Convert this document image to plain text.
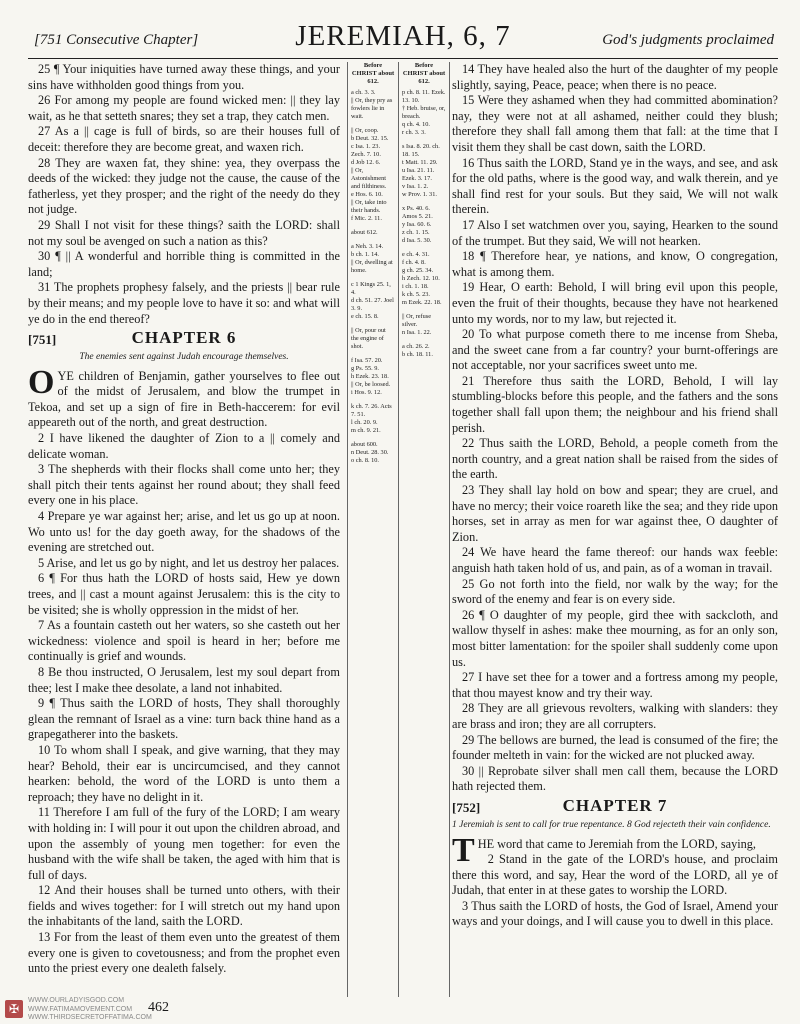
[751 Consecutive Chapter]	JEREMIAH, 6, 7	God's judgments proclaimed

25 ¶ Your iniquities have turned away these things, and your sins have withholden good things from you.

26 For among my people are found wicked men: || they lay wait, as he that setteth snares; they set a trap, they catch men.

27 As a || cage is full of birds, so are their houses full of deceit: therefore they are become great, and waxen rich.

28 They are waxen fat, they shine: yea, they overpass the deeds of the wicked: they judge not the cause, the cause of the fatherless, yet they prosper; and the right of the needy do they not judge.

29 Shall I not visit for these things? saith the LORD: shall not my soul be avenged on such a nation as this?

30 ¶ || A wonderful and horrible thing is committed in the land;

31 The prophets prophesy falsely, and the priests || bear rule by their means; and my people love to have it so: and what will ye do in the end thereof?

[751]	CHAPTER 6
The enemies sent against Judah encourage themselves.

OYE children of Benjamin, gather yourselves to flee out of the midst of Jerusalem, and blow the trumpet in Tekoa, and set up a sign of fire in Beth-haccerem: for evil appeareth out of the north, and great destruction.

2 I have likened the daughter of Zion to a || comely and delicate woman.

3 The shepherds with their flocks shall come unto her; they shall pitch their tents against her round about; they shall feed every one in his place.

4 Prepare ye war against her; arise, and let us go up at noon. Wo unto us! for the day goeth away, for the shadows of the evening are stretched out.

5 Arise, and let us go by night, and let us destroy her palaces.

6 ¶ For thus hath the LORD of hosts said, Hew ye down trees, and || cast a mount against Jerusalem: this is the city to be visited; she is wholly oppression in the midst of her.

7 As a fountain casteth out her waters, so she casteth out her wickedness: violence and spoil is heard in her; before me continually is grief and wounds.

8 Be thou instructed, O Jerusalem, lest my soul depart from thee; lest I make thee desolate, a land not inhabited.

9 ¶ Thus saith the LORD of hosts, They shall thoroughly glean the remnant of Israel as a vine: turn back thine hand as a grapegatherer into the baskets.

10 To whom shall I speak, and give warning, that they may hear? Behold, their ear is uncircumcised, and they cannot hearken: behold, the word of the LORD is unto them a reproach; they have no delight in it.

11 Therefore I am full of the fury of the LORD; I am weary with holding in: I will pour it out upon the children abroad, and upon the assembly of young men together: for even the husband with the wife shall be taken, the aged with him that is full of days.

12 And their houses shall be turned unto others, with their fields and wives together: for I will stretch out my hand upon the inhabitants of the land, saith the LORD.

13 For from the least of them even unto the greatest of them every one is given to covetousness; and from the prophet even unto the priest every one dealeth falsely.

Before CHRIST about 612.
a ch. 3. 3.
|| Or, they pry as fowlers lie in wait.
|| Or, coop.
b Deut. 32. 15.
c Isa. 1. 23. Zech. 7. 10.
d Job 12. 6.
|| Or, Astonishment and filthiness.
e Hos. 6. 10.
|| Or, take into their hands.
f Mic. 2. 11.
about 612.
a Neh. 3. 14.
b ch. 1. 14.
|| Or, dwelling at home.
c 1 Kings 25. 1, 4.
d ch. 51. 27. Joel 3. 9.
e ch. 15. 8.
|| Or, pour out the engine of shot.
f Isa. 57. 20.
g Ps. 55. 9.
h Ezek. 23. 18.
|| Or, be loosed.
i Hos. 9. 12.
k ch. 7. 26. Acts 7. 51.
l ch. 20. 9.
m ch. 9. 21.
about 600.
n Deut. 28. 30.
o ch. 8. 10.
Before CHRIST about 612.
p ch. 8. 11. Ezek. 13. 10.
† Heb. bruise, or, breach.
q ch. 4. 10.
r ch. 3. 3.
s Isa. 8. 20. ch. 18. 15.
t Matt. 11. 29.
u Isa. 21. 11. Ezek. 3. 17.
v Isa. 1. 2.
w Prov. 1. 31.
x Ps. 40. 6. Amos 5. 21.
y Isa. 60. 6.
z ch. 1. 15.
d Isa. 5. 30.
e ch. 4. 31.
f ch. 4. 8.
g ch. 25. 34.
h Zech. 12. 10.
i ch. 1. 18.
k ch. 5. 23.
m Ezek. 22. 18.
|| Or, refuse silver.
n Isa. 1. 22.
a ch. 26. 2.
b ch. 18. 11.

14 They have healed also the hurt of the daughter of my people slightly, saying, Peace, peace; when there is no peace.

15 Were they ashamed when they had committed abomination? nay, they were not at all ashamed, neither could they blush; therefore they shall fall among them that fall: at the time that I visit them they shall be cast down, saith the LORD.

16 Thus saith the LORD, Stand ye in the ways, and see, and ask for the old paths, where is the good way, and walk therein, and ye shall find rest for your souls. But they said, We will not walk therein.

17 Also I set watchmen over you, saying, Hearken to the sound of the trumpet. But they said, We will not hearken.

18 ¶ Therefore hear, ye nations, and know, O congregation, what is among them.

19 Hear, O earth: Behold, I will bring evil upon this people, even the fruit of their thoughts, because they have not hearkened unto my words, nor to my law, but rejected it.

20 To what purpose cometh there to me incense from Sheba, and the sweet cane from a far country? your burnt-offerings are not acceptable, nor your sacrifices sweet unto me.

21 Therefore thus saith the LORD, Behold, I will lay stumbling-blocks before this people, and the fathers and the sons together shall fall upon them; the neighbour and his friend shall perish.

22 Thus saith the LORD, Behold, a people cometh from the north country, and a great nation shall be raised from the sides of the earth.

23 They shall lay hold on bow and spear; they are cruel, and have no mercy; their voice roareth like the sea; and they ride upon horses, set in array as men for war against thee, O daughter of Zion.

24 We have heard the fame thereof: our hands wax feeble: anguish hath taken hold of us, and pain, as of a woman in travail.

25 Go not forth into the field, nor walk by the way; for the sword of the enemy and fear is on every side.

26 ¶ O daughter of my people, gird thee with sackcloth, and wallow thyself in ashes: make thee mourning, as for an only son, most bitter lamentation: for the spoiler shall suddenly come upon us.

27 I have set thee for a tower and a fortress among my people, that thou mayest know and try their way.

28 They are all grievous revolters, walking with slanders: they are brass and iron; they are all corrupters.

29 The bellows are burned, the lead is consumed of the fire; the founder melteth in vain: for the wicked are not plucked away.

30 || Reprobate silver shall men call them, because the LORD hath rejected them.

[752]	CHAPTER 7
1 Jeremiah is sent to call for true repentance. 8 God rejecteth their vain confidence.

THE word that came to Jeremiah from the LORD, saying,

2 Stand in the gate of the LORD's house, and proclaim there this word, and say, Hear the word of the LORD, all ye of Judah, that enter in at these gates to worship the LORD.

3 Thus saith the LORD of hosts, the God of Israel, Amend your ways and your doings, and I will cause you to dwell in this place.

✠
WWW.OURLADYISGOD.COM
WWW.FATIMAMOVEMENT.COM
WWW.THIRDSECRETOFFATIMA.COM
462
